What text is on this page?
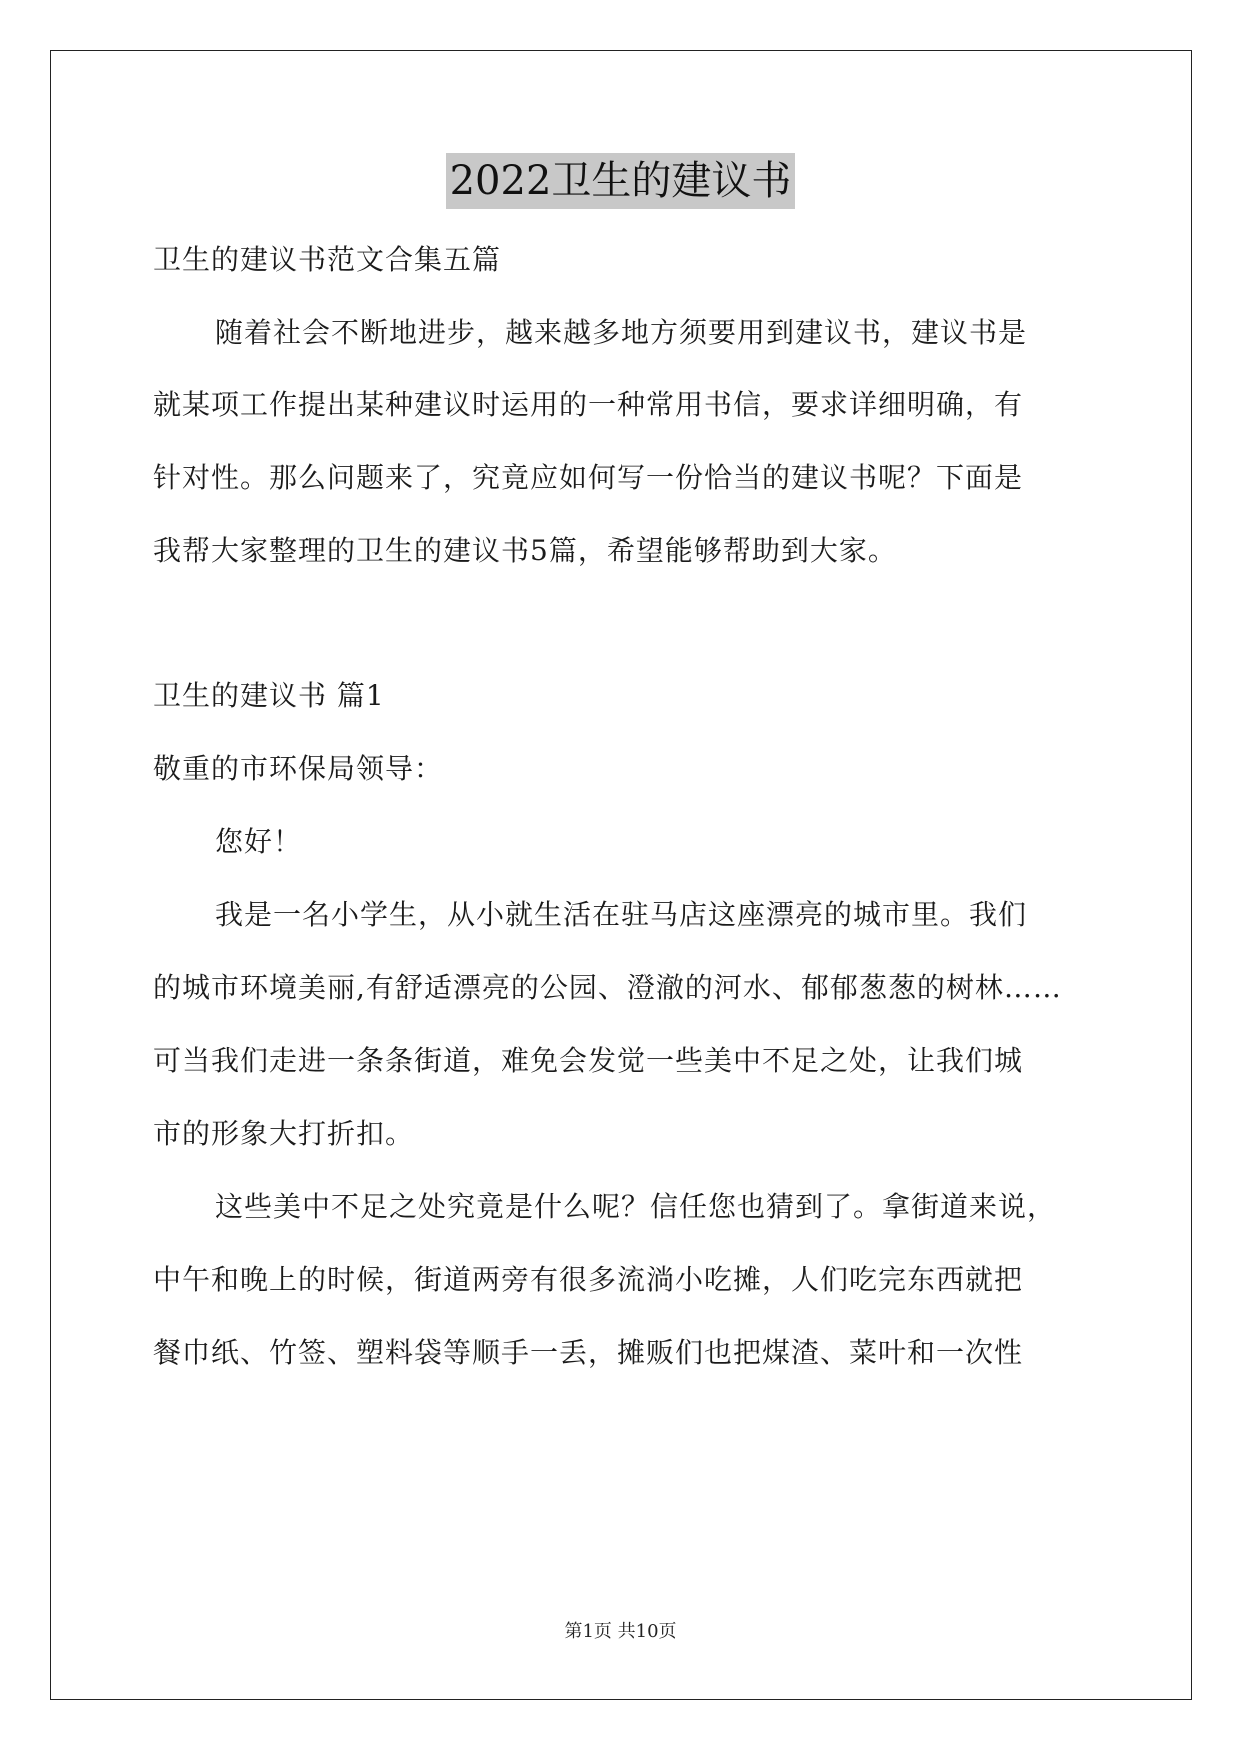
2022卫生的建议书
卫生的建议书范文合集五篇
随着社会不断地进步，越来越多地方须要用到建议书，建议书是
就某项工作提出某种建议时运用的一种常用书信，要求详细明确，有
针对性。那么问题来了，究竟应如何写一份恰当的建议书呢？下面是
我帮大家整理的卫生的建议书5篇，希望能够帮助到大家。
卫生的建议书 篇1
敬重的市环保局领导：
您好！
我是一名小学生，从小就生活在驻马店这座漂亮的城市里。我们
的城市环境美丽,有舒适漂亮的公园、澄澈的河水、郁郁葱葱的树林……
可当我们走进一条条街道，难免会发觉一些美中不足之处，让我们城
市的形象大打折扣。
这些美中不足之处究竟是什么呢？信任您也猜到了。拿街道来说，
中午和晚上的时候，街道两旁有很多流淌小吃摊，人们吃完东西就把
餐巾纸、竹签、塑料袋等顺手一丢，摊贩们也把煤渣、菜叶和一次性
第1页 共10页
